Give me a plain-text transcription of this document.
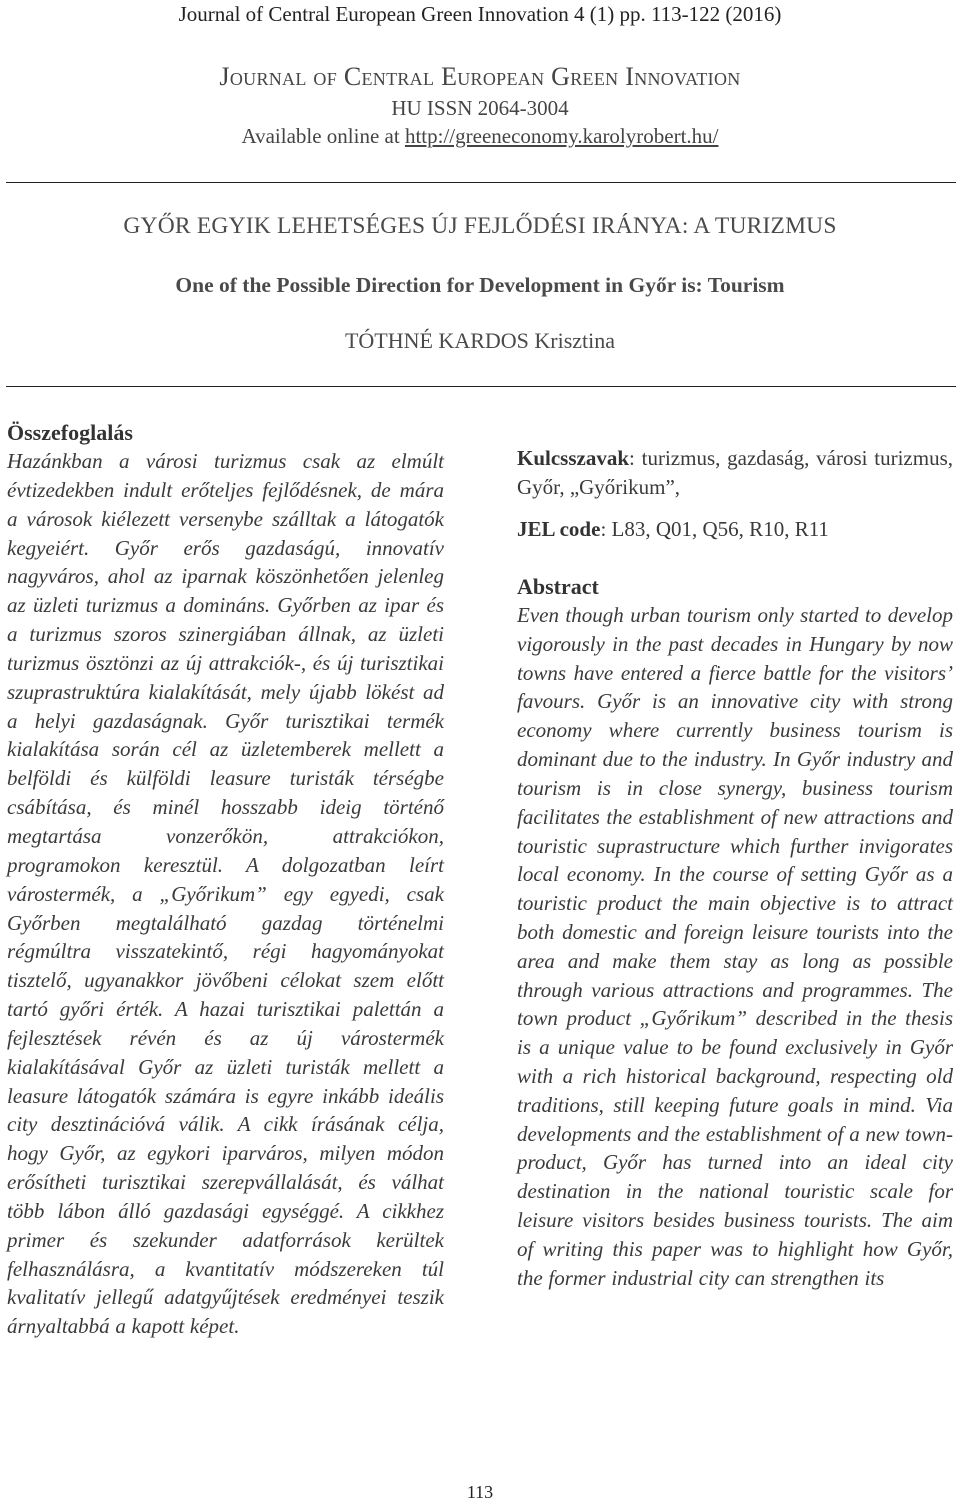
Journal of Central European Green Innovation 4 (1) pp. 113-122 (2016)
Journal of Central European Green Innovation
HU ISSN 2064-3004
Available online at http://greeneconomy.karolyrobert.hu/
GYŐR EGYIK LEHETSÉGES ÚJ FEJLŐDÉSI IRÁNYA: A TURIZMUS
One of the Possible Direction for Development in Győr is: Tourism
TÓTHNÉ KARDOS Krisztina
Összefoglalás

Hazánkban a városi turizmus csak az elmúlt évtizedekben indult erőteljes fejlődésnek, de mára a városok kiélezett versenybe szálltak a látogatók kegyeiért. Győr erős gazdaságú, innovatív nagyváros, ahol az iparnak köszönhetően jelenleg az üzleti turizmus a domináns. Győrben az ipar és a turizmus szoros szinergiában állnak, az üzleti turizmus ösztönzi az új attrakciók-, és új turisztikai szuprastruktúra kialakítását, mely újabb lökést ad a helyi gazdaságnak. Győr turisztikai termék kialakítása során cél az üzletemberek mellett a belföldi és külföldi leasure turisták térségbe csábítása, és minél hosszabb ideig történő megtartása vonzerőkön, attrakciókon, programokon keresztül. A dolgozatban leírt várostermék, a „Győrikum” egy egyedi, csak Győrben megtalálható gazdag történelmi régmúltra visszatekintő, régi hagyományokat tisztelő, ugyanakkor jövőbeni célokat szem előtt tartó győri érték. A hazai turisztikai palettán a fejlesztések révén és az új várostermék kialakításával Győr az üzleti turisták mellett a leasure látogatók számára is egyre inkább ideális city desztinációvá válik. A cikk írásának célja, hogy Győr, az egykori iparváros, milyen módon erősítheti turisztikai szerepvállalását, és válhat több lábon álló gazdasági egységgé. A cikkhez primer és szekunder adatforrások kerültek felhasználásra, a kvantitatív módszereken túl kvalitatív jellegű adatgyűjtések eredményei teszik árnyaltabbá a kapott képet.

Kulcsszavak: turizmus, gazdaság, városi turizmus, Győr, „Győrikum”,

JEL code: L83, Q01, Q56, R10, R11

Abstract

Even though urban tourism only started to develop vigorously in the past decades in Hungary by now towns have entered a fierce battle for the visitors’ favours. Győr is an innovative city with strong economy where currently business tourism is dominant due to the industry. In Győr industry and tourism is in close synergy, business tourism facilitates the establishment of new attractions and touristic suprastructure which further invigorates local economy. In the course of setting Győr as a touristic product the main objective is to attract both domestic and foreign leisure tourists into the area and make them stay as long as possible through various attractions and programmes. The town product „Győrikum” described in the thesis is a unique value to be found exclusively in Győr with a rich historical background, respecting old traditions, still keeping future goals in mind. Via developments and the establishment of a new town-product, Győr has turned into an ideal city destination in the national touristic scale for leisure visitors besides business tourists. The aim of writing this paper was to highlight how Győr, the former industrial city can strengthen its

113
